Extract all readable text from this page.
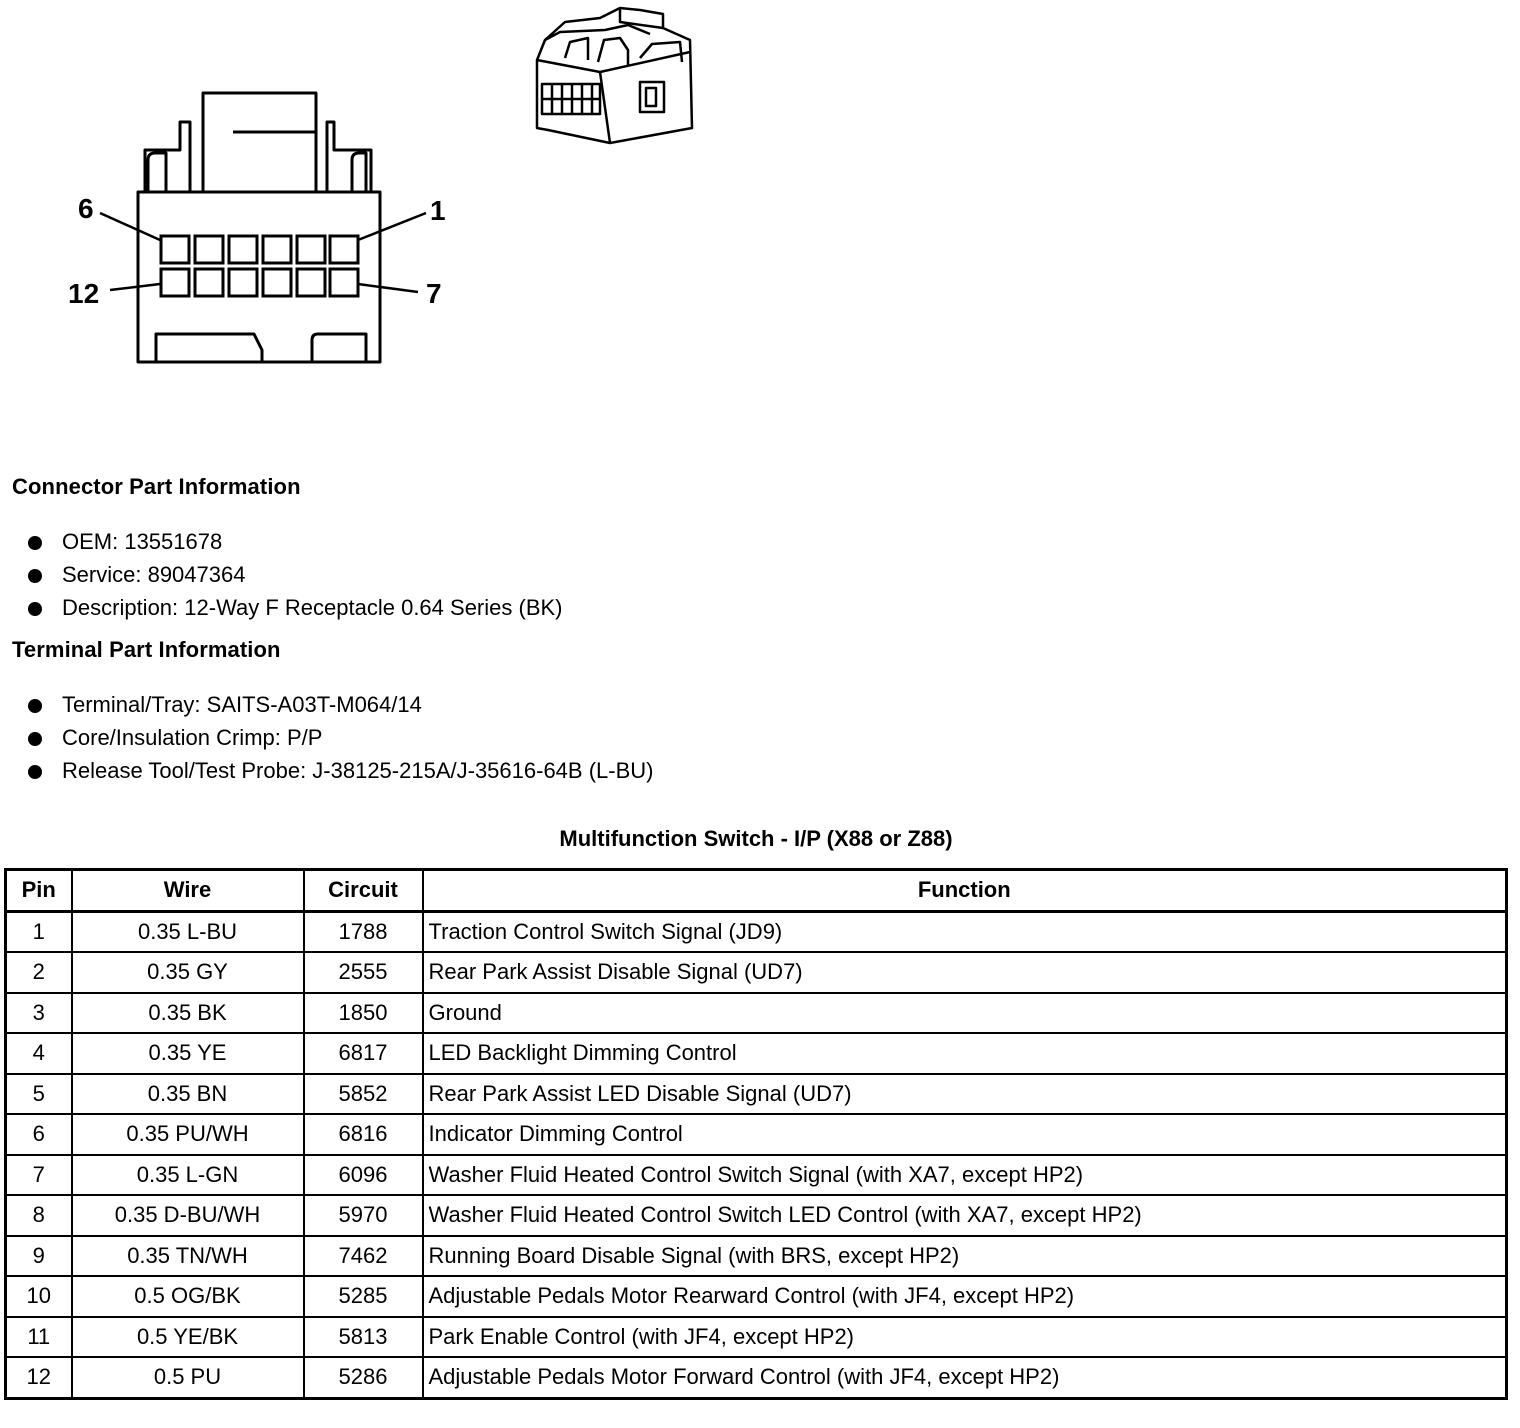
6	1
12	7
Connector Part Information
OEM: 13551678
Service: 89047364
Description: 12-Way F Receptacle 0.64 Series (BK)
Terminal Part Information
Terminal/Tray: SAITS-A03T-M064/14
Core/Insulation Crimp: P/P
Release Tool/Test Probe: J-38125-215A/J-35616-64B (L-BU)
Multifunction Switch - I/P (X88 or Z88)
Pin	Wire	Circuit	Function
1	0.35 L-BU	1788	Traction Control Switch Signal (JD9)
2	0.35 GY	2555	Rear Park Assist Disable Signal (UD7)
3	0.35 BK	1850	Ground
4	0.35 YE	6817	LED Backlight Dimming Control
5	0.35 BN	5852	Rear Park Assist LED Disable Signal (UD7)
6	0.35 PU/WH	6816	Indicator Dimming Control
7	0.35 L-GN	6096	Washer Fluid Heated Control Switch Signal (with XA7, except HP2)
8	0.35 D-BU/WH	5970	Washer Fluid Heated Control Switch LED Control (with XA7, except HP2)
9	0.35 TN/WH	7462	Running Board Disable Signal (with BRS, except HP2)
10	0.5 OG/BK	5285	Adjustable Pedals Motor Rearward Control (with JF4, except HP2)
11	0.5 YE/BK	5813	Park Enable Control (with JF4, except HP2)
12	0.5 PU	5286	Adjustable Pedals Motor Forward Control (with JF4, except HP2)
